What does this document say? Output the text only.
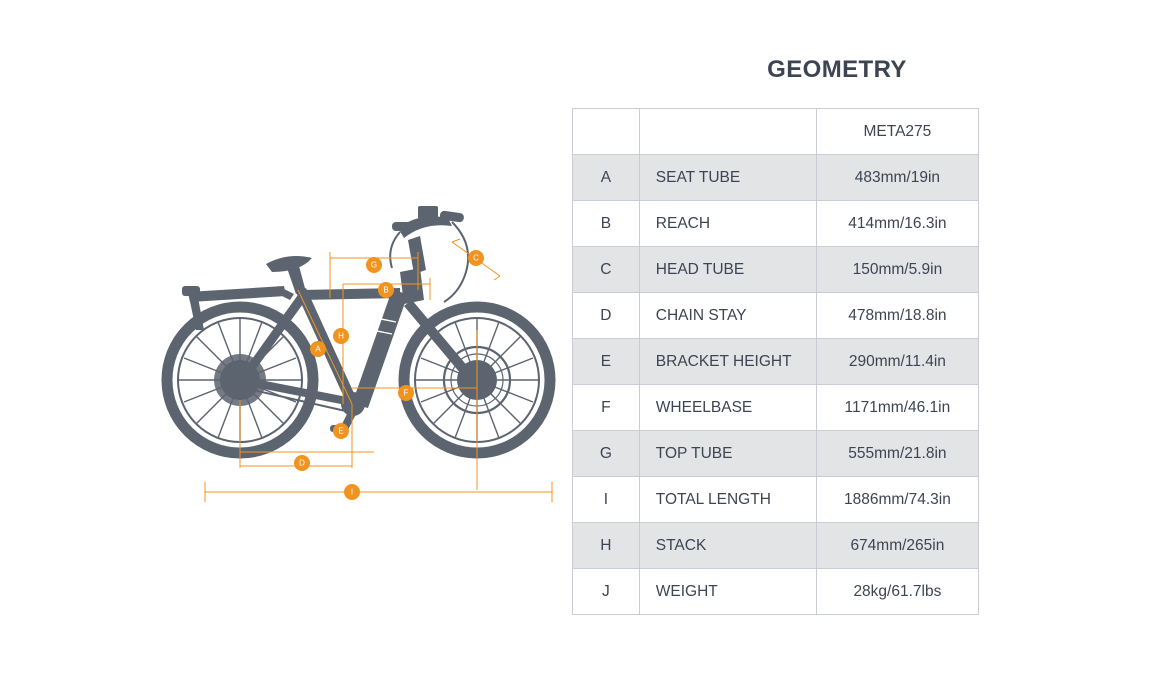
A
B
C
D
E
F
G
H
I
GEOMETRY
		META275
A	SEAT TUBE	483mm/19in
B	REACH	414mm/16.3in
C	HEAD TUBE	150mm/5.9in
D	CHAIN STAY	478mm/18.8in
E	BRACKET HEIGHT	290mm/11.4in
F	WHEELBASE	1171mm/46.1in
G	TOP TUBE	555mm/21.8in
I	TOTAL LENGTH	1886mm/74.3in
H	STACK	674mm/265in
J	WEIGHT	28kg/61.7lbs
